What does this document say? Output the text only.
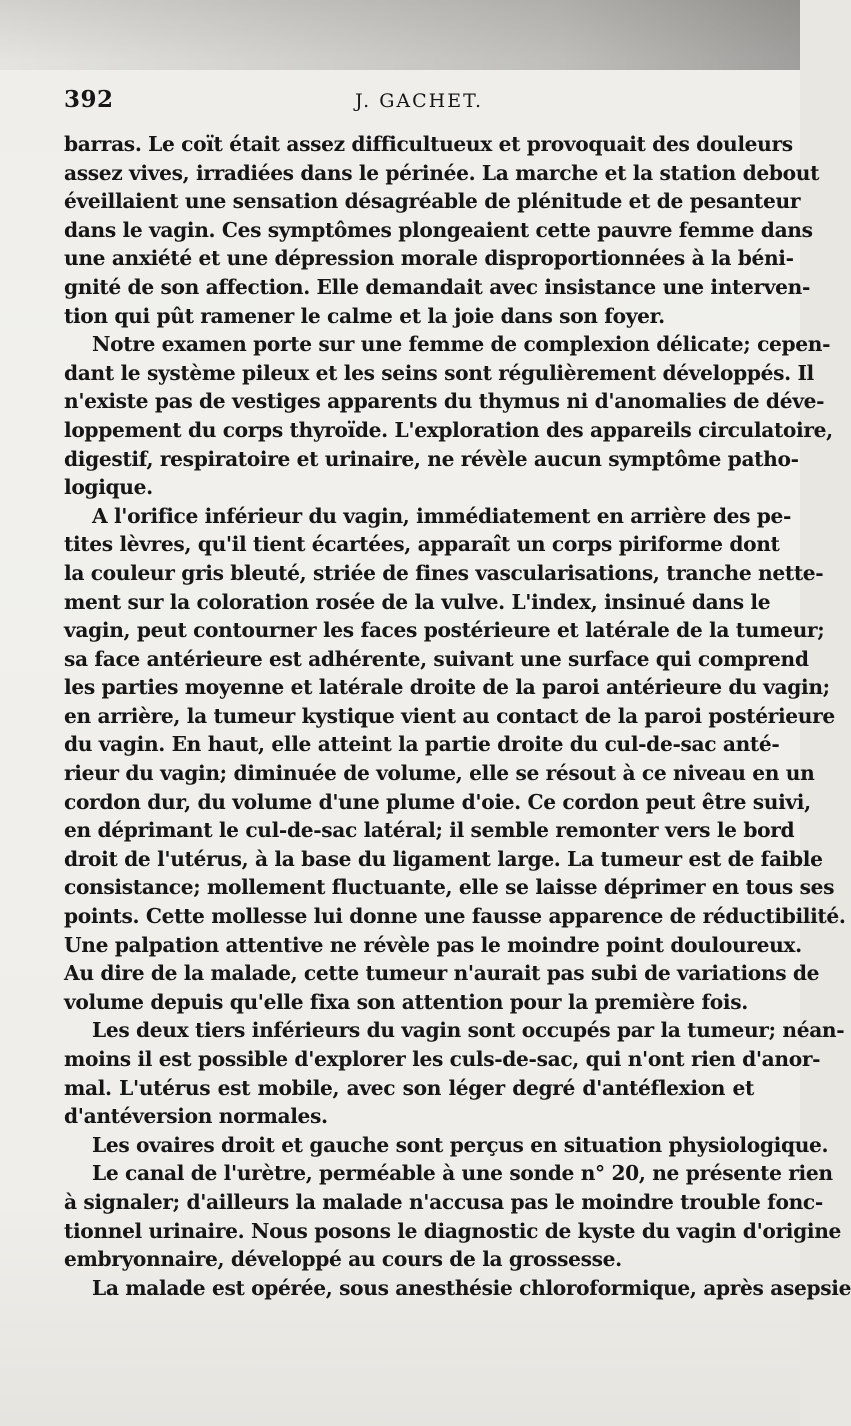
392	J. GACHET.
barras. Le coït était assez difficultueux et provoquait des douleurs
assez vives, irradiées dans le périnée. La marche et la station debout
éveillaient une sensation désagréable de plénitude et de pesanteur
dans le vagin. Ces symptômes plongeaient cette pauvre femme dans
une anxiété et une dépression morale disproportionnées à la béni-
gnité de son affection. Elle demandait avec insistance une interven-
tion qui pût ramener le calme et la joie dans son foyer.
Notre examen porte sur une femme de complexion délicate; cepen-
dant le système pileux et les seins sont régulièrement développés. Il
n'existe pas de vestiges apparents du thymus ni d'anomalies de déve-
loppement du corps thyroïde. L'exploration des appareils circulatoire,
digestif, respiratoire et urinaire, ne révèle aucun symptôme patho-
logique.
A l'orifice inférieur du vagin, immédiatement en arrière des pe-
tites lèvres, qu'il tient écartées, apparaît un corps piriforme dont
la couleur gris bleuté, striée de fines vascularisations, tranche nette-
ment sur la coloration rosée de la vulve. L'index, insinué dans le
vagin, peut contourner les faces postérieure et latérale de la tumeur;
sa face antérieure est adhérente, suivant une surface qui comprend
les parties moyenne et latérale droite de la paroi antérieure du vagin;
en arrière, la tumeur kystique vient au contact de la paroi postérieure
du vagin. En haut, elle atteint la partie droite du cul-de-sac anté-
rieur du vagin; diminuée de volume, elle se résout à ce niveau en un
cordon dur, du volume d'une plume d'oie. Ce cordon peut être suivi,
en déprimant le cul-de-sac latéral; il semble remonter vers le bord
droit de l'utérus, à la base du ligament large. La tumeur est de faible
consistance; mollement fluctuante, elle se laisse déprimer en tous ses
points. Cette mollesse lui donne une fausse apparence de réductibilité.
Une palpation attentive ne révèle pas le moindre point douloureux.
Au dire de la malade, cette tumeur n'aurait pas subi de variations de
volume depuis qu'elle fixa son attention pour la première fois.
Les deux tiers inférieurs du vagin sont occupés par la tumeur; néan-
moins il est possible d'explorer les culs-de-sac, qui n'ont rien d'anor-
mal. L'utérus est mobile, avec son léger degré d'antéflexion et
d'antéversion normales.
Les ovaires droit et gauche sont perçus en situation physiologique.
Le canal de l'urètre, perméable à une sonde n° 20, ne présente rien
à signaler; d'ailleurs la malade n'accusa pas le moindre trouble fonc-
tionnel urinaire. Nous posons le diagnostic de kyste du vagin d'origine
embryonnaire, développé au cours de la grossesse.
La malade est opérée, sous anesthésie chloroformique, après asepsie
